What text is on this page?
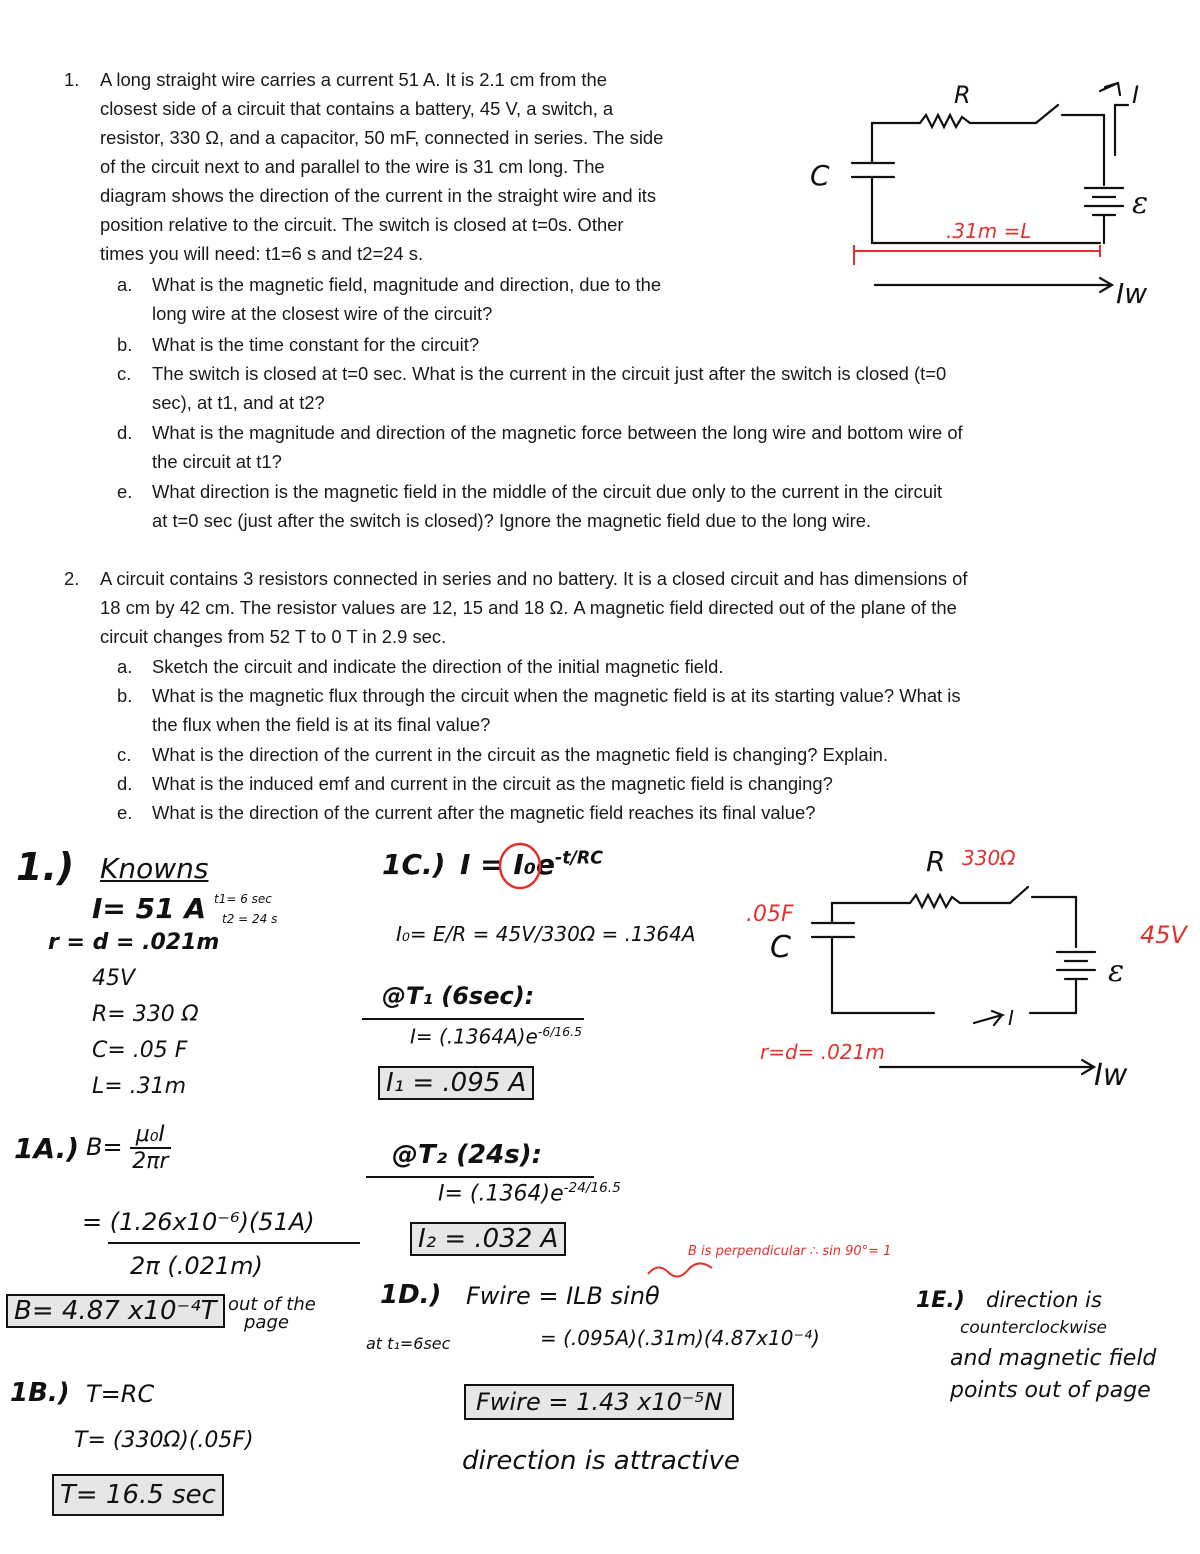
1. A long straight wire carries a current 51 A. It is 2.1 cm from the
closest side of a circuit that contains a battery, 45 V, a switch, a
resistor, 330 Ω, and a capacitor, 50 mF, connected in series. The side
of the circuit next to and parallel to the wire is 31 cm long. The
diagram shows the direction of the current in the straight wire and its
position relative to the circuit. The switch is closed at t=0s. Other
times you will need: t1=6 s and t2=24 s.
a. What is the magnetic field, magnitude and direction, due to the
long wire at the closest wire of the circuit?
b. What is the time constant for the circuit?
c. The switch is closed at t=0 sec. What is the current in the circuit just after the switch is closed (t=0
sec), at t1, and at t2?
d. What is the magnitude and direction of the magnetic force between the long wire and bottom wire of
the circuit at t1?
e. What direction is the magnetic field in the middle of the circuit due only to the current in the circuit
at t=0 sec (just after the switch is closed)? Ignore the magnetic field due to the long wire.
R	I
C
ε
.31m =L
Iw
2. A circuit contains 3 resistors connected in series and no battery. It is a closed circuit and has dimensions of
18 cm by 42 cm. The resistor values are 12, 15 and 18 Ω. A magnetic field directed out of the plane of the
circuit changes from 52 T to 0 T in 2.9 sec.
a. Sketch the circuit and indicate the direction of the initial magnetic field.
b. What is the magnetic flux through the circuit when the magnetic field is at its starting value? What is
the flux when the field is at its final value?
c. What is the direction of the current in the circuit as the magnetic field is changing? Explain.
d. What is the induced emf and current in the circuit as the magnetic field is changing?
e. What is the direction of the current after the magnetic field reaches its final value?
1.) Knowns
I= 51 A t1= 6 sec
t2 = 24 s
r = d = .021m
45V
R= 330 Ω
C= .05 F
L= .31m
1A.) $B= \frac{\text{μ₀I}}{2\pi r}$
= (1.26x10⁻⁶)(51A)
2π (.021m)
B= 4.87 x10⁻⁴T out of the
page
1B.) T=RC
T= (330Ω)(.05F)
T= 16.5 sec
1C.) $I = I_0e^{-t/RC}$
I₀= E/R = 45V/330Ω = .1364A
@T₁ (6sec):
$I= (.1364A)e^{-6/16.5}$
I₁ = .095 A
@T₂ (24s):
$I= (.1364)e^{-24/16.5}$
I₂ = .032 A	B is perpendicular ∴ sin 90°= 1
1D.) Fwire = ILB sinθ
at t₁=6sec	= (.095A)(.31m)(4.87x10⁻⁴)
Fwire = 1.43 x10⁻⁵N
direction is attractive
R 330Ω
.05F
C	45V
ε
I
r=d= .021m
Iw
1E.) direction is
counterclockwise
and magnetic field
points out of page
